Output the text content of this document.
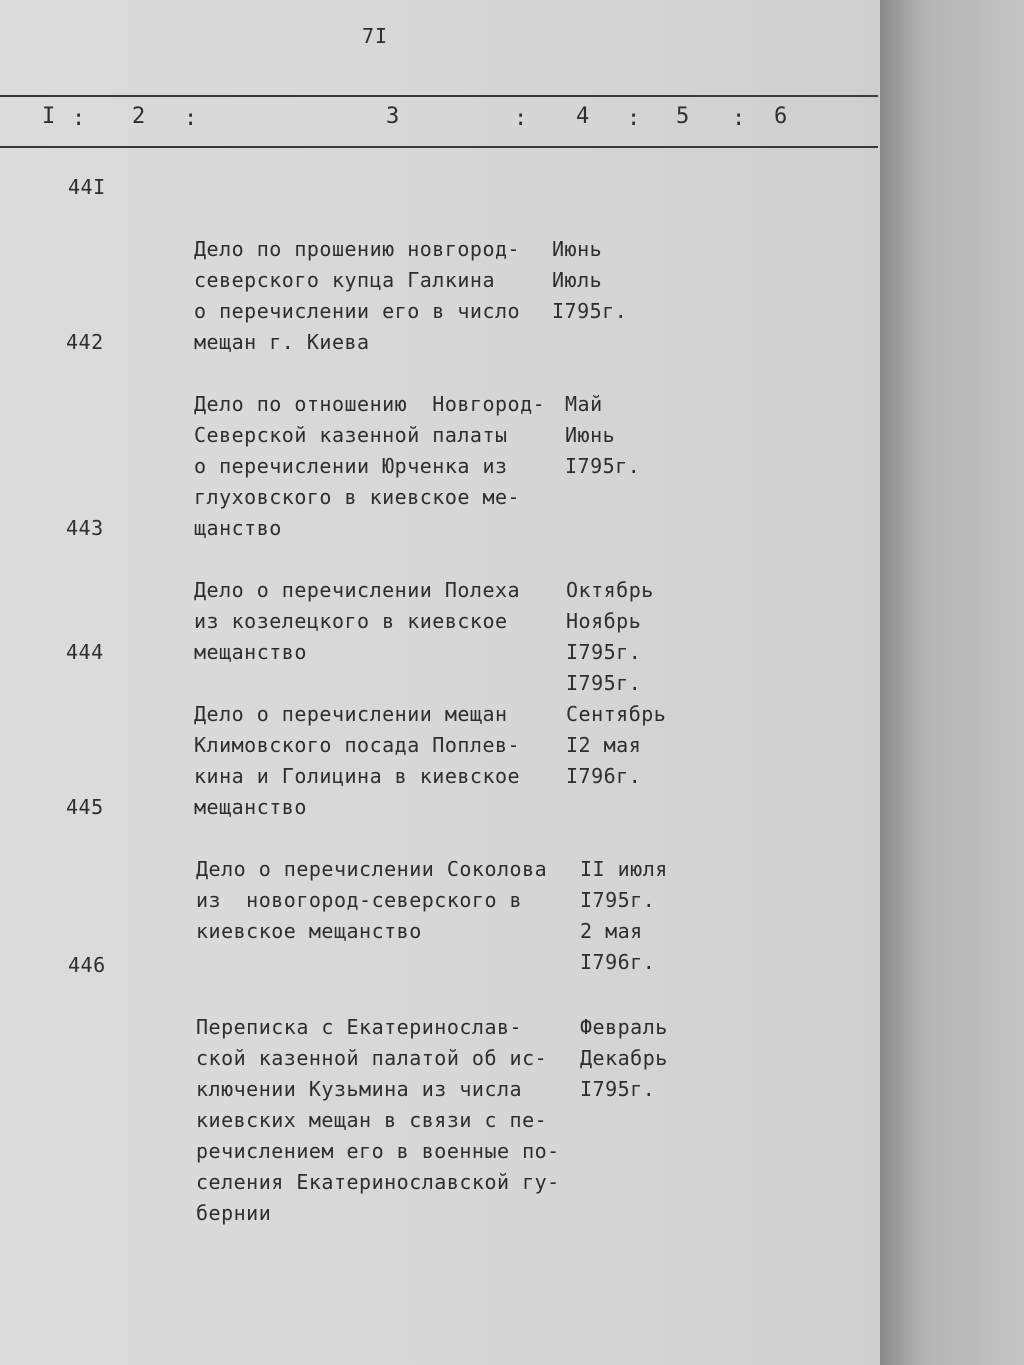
7I
I : 2 :	3	: 4 : 5 : 6
44I

Дело по прошению новгород-
северского купца Галкина
о перечислении его в число
мещан г. Киева

Июнь
Июль
I795г.

442

Дело по отношению  Новгород-
Северской казенной палаты
о перечислении Юрченка из
глуховского в киевское ме-
щанство

Май
Июнь
I795г.

443

Дело о перечислении Полеха
из козелецкого в киевское
мещанство

Октябрь
Ноябрь
I795г.
I795г.

444

Дело о перечислении мещан
Климовского посада Поплев-
кина и Голицина в киевское
мещанство

Сентябрь
I2 мая
I796г.

445

Дело о перечислении Соколова
из  новогород-северского в
киевское мещанство

II июля
I795г.
2 мая
I796г.

446

Переписка с Екатеринослав-
ской казенной палатой об ис-
ключении Кузьмина из числа
киевских мещан в связи с пе-
речислением его в военные по-
селения Екатеринославской гу-
бернии

Февраль
Декабрь
I795г.
